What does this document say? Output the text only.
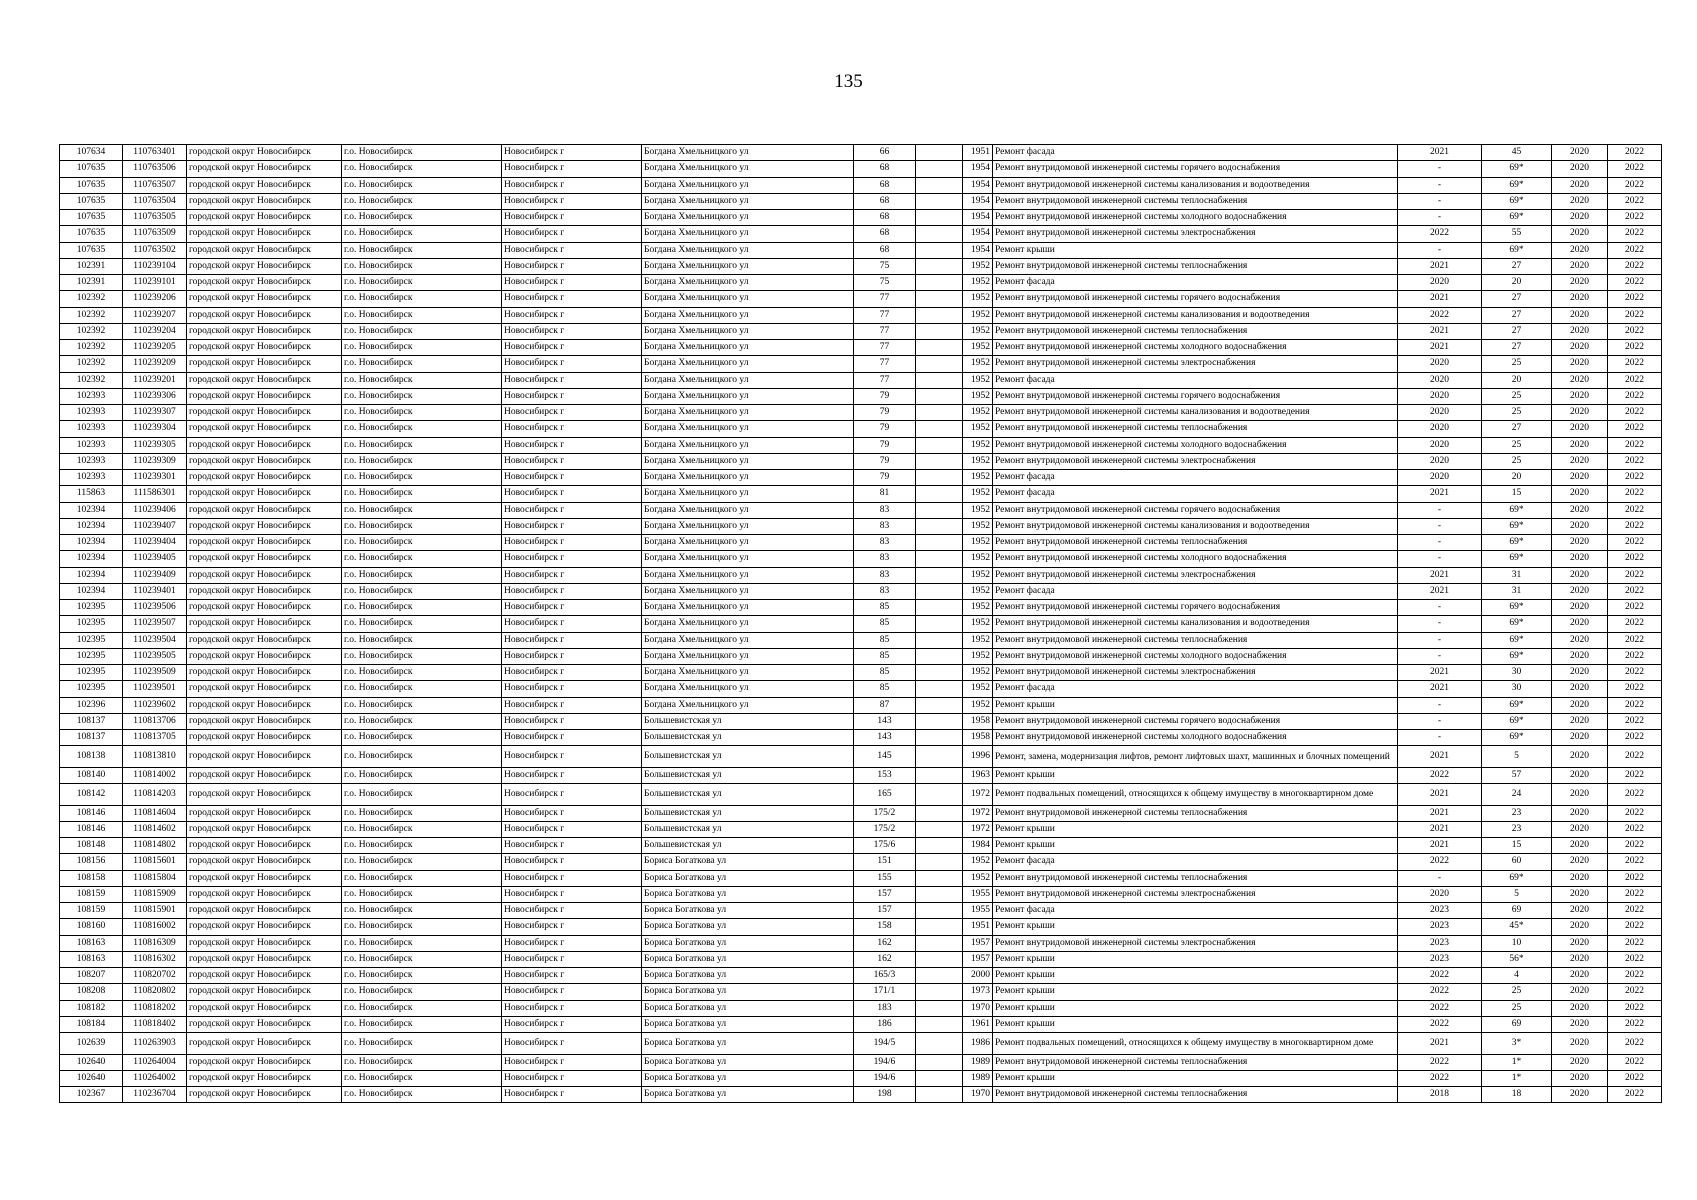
135
107634	110763401	городской округ Новосибирск	г.о. Новосибирск	Новосибирск г	Богдана Хмельницкого ул	66		1951	Ремонт фасада	2021	45	2020	2022
107635	110763506	городской округ Новосибирск	г.о. Новосибирск	Новосибирск г	Богдана Хмельницкого ул	68		1954	Ремонт внутридомовой инженерной системы горячего водоснабжения	-	69*	2020	2022
107635	110763507	городской округ Новосибирск	г.о. Новосибирск	Новосибирск г	Богдана Хмельницкого ул	68		1954	Ремонт внутридомовой инженерной системы канализования и водоотведения	-	69*	2020	2022
107635	110763504	городской округ Новосибирск	г.о. Новосибирск	Новосибирск г	Богдана Хмельницкого ул	68		1954	Ремонт внутридомовой инженерной системы теплоснабжения	-	69*	2020	2022
107635	110763505	городской округ Новосибирск	г.о. Новосибирск	Новосибирск г	Богдана Хмельницкого ул	68		1954	Ремонт внутридомовой инженерной системы холодного водоснабжения	-	69*	2020	2022
107635	110763509	городской округ Новосибирск	г.о. Новосибирск	Новосибирск г	Богдана Хмельницкого ул	68		1954	Ремонт внутридомовой инженерной системы электроснабжения	2022	55	2020	2022
107635	110763502	городской округ Новосибирск	г.о. Новосибирск	Новосибирск г	Богдана Хмельницкого ул	68		1954	Ремонт крыши	-	69*	2020	2022
102391	110239104	городской округ Новосибирск	г.о. Новосибирск	Новосибирск г	Богдана Хмельницкого ул	75		1952	Ремонт внутридомовой инженерной системы теплоснабжения	2021	27	2020	2022
102391	110239101	городской округ Новосибирск	г.о. Новосибирск	Новосибирск г	Богдана Хмельницкого ул	75		1952	Ремонт фасада	2020	20	2020	2022
102392	110239206	городской округ Новосибирск	г.о. Новосибирск	Новосибирск г	Богдана Хмельницкого ул	77		1952	Ремонт внутридомовой инженерной системы горячего водоснабжения	2021	27	2020	2022
102392	110239207	городской округ Новосибирск	г.о. Новосибирск	Новосибирск г	Богдана Хмельницкого ул	77		1952	Ремонт внутридомовой инженерной системы канализования и водоотведения	2022	27	2020	2022
102392	110239204	городской округ Новосибирск	г.о. Новосибирск	Новосибирск г	Богдана Хмельницкого ул	77		1952	Ремонт внутридомовой инженерной системы теплоснабжения	2021	27	2020	2022
102392	110239205	городской округ Новосибирск	г.о. Новосибирск	Новосибирск г	Богдана Хмельницкого ул	77		1952	Ремонт внутридомовой инженерной системы холодного водоснабжения	2021	27	2020	2022
102392	110239209	городской округ Новосибирск	г.о. Новосибирск	Новосибирск г	Богдана Хмельницкого ул	77		1952	Ремонт внутридомовой инженерной системы электроснабжения	2020	25	2020	2022
102392	110239201	городской округ Новосибирск	г.о. Новосибирск	Новосибирск г	Богдана Хмельницкого ул	77		1952	Ремонт фасада	2020	20	2020	2022
102393	110239306	городской округ Новосибирск	г.о. Новосибирск	Новосибирск г	Богдана Хмельницкого ул	79		1952	Ремонт внутридомовой инженерной системы горячего водоснабжения	2020	25	2020	2022
102393	110239307	городской округ Новосибирск	г.о. Новосибирск	Новосибирск г	Богдана Хмельницкого ул	79		1952	Ремонт внутридомовой инженерной системы канализования и водоотведения	2020	25	2020	2022
102393	110239304	городской округ Новосибирск	г.о. Новосибирск	Новосибирск г	Богдана Хмельницкого ул	79		1952	Ремонт внутридомовой инженерной системы теплоснабжения	2020	27	2020	2022
102393	110239305	городской округ Новосибирск	г.о. Новосибирск	Новосибирск г	Богдана Хмельницкого ул	79		1952	Ремонт внутридомовой инженерной системы холодного водоснабжения	2020	25	2020	2022
102393	110239309	городской округ Новосибирск	г.о. Новосибирск	Новосибирск г	Богдана Хмельницкого ул	79		1952	Ремонт внутридомовой инженерной системы электроснабжения	2020	25	2020	2022
102393	110239301	городской округ Новосибирск	г.о. Новосибирск	Новосибирск г	Богдана Хмельницкого ул	79		1952	Ремонт фасада	2020	20	2020	2022
115863	111586301	городской округ Новосибирск	г.о. Новосибирск	Новосибирск г	Богдана Хмельницкого ул	81		1952	Ремонт фасада	2021	15	2020	2022
102394	110239406	городской округ Новосибирск	г.о. Новосибирск	Новосибирск г	Богдана Хмельницкого ул	83		1952	Ремонт внутридомовой инженерной системы горячего водоснабжения	-	69*	2020	2022
102394	110239407	городской округ Новосибирск	г.о. Новосибирск	Новосибирск г	Богдана Хмельницкого ул	83		1952	Ремонт внутридомовой инженерной системы канализования и водоотведения	-	69*	2020	2022
102394	110239404	городской округ Новосибирск	г.о. Новосибирск	Новосибирск г	Богдана Хмельницкого ул	83		1952	Ремонт внутридомовой инженерной системы теплоснабжения	-	69*	2020	2022
102394	110239405	городской округ Новосибирск	г.о. Новосибирск	Новосибирск г	Богдана Хмельницкого ул	83		1952	Ремонт внутридомовой инженерной системы холодного водоснабжения	-	69*	2020	2022
102394	110239409	городской округ Новосибирск	г.о. Новосибирск	Новосибирск г	Богдана Хмельницкого ул	83		1952	Ремонт внутридомовой инженерной системы электроснабжения	2021	31	2020	2022
102394	110239401	городской округ Новосибирск	г.о. Новосибирск	Новосибирск г	Богдана Хмельницкого ул	83		1952	Ремонт фасада	2021	31	2020	2022
102395	110239506	городской округ Новосибирск	г.о. Новосибирск	Новосибирск г	Богдана Хмельницкого ул	85		1952	Ремонт внутридомовой инженерной системы горячего водоснабжения	-	69*	2020	2022
102395	110239507	городской округ Новосибирск	г.о. Новосибирск	Новосибирск г	Богдана Хмельницкого ул	85		1952	Ремонт внутридомовой инженерной системы канализования и водоотведения	-	69*	2020	2022
102395	110239504	городской округ Новосибирск	г.о. Новосибирск	Новосибирск г	Богдана Хмельницкого ул	85		1952	Ремонт внутридомовой инженерной системы теплоснабжения	-	69*	2020	2022
102395	110239505	городской округ Новосибирск	г.о. Новосибирск	Новосибирск г	Богдана Хмельницкого ул	85		1952	Ремонт внутридомовой инженерной системы холодного водоснабжения	-	69*	2020	2022
102395	110239509	городской округ Новосибирск	г.о. Новосибирск	Новосибирск г	Богдана Хмельницкого ул	85		1952	Ремонт внутридомовой инженерной системы электроснабжения	2021	30	2020	2022
102395	110239501	городской округ Новосибирск	г.о. Новосибирск	Новосибирск г	Богдана Хмельницкого ул	85		1952	Ремонт фасада	2021	30	2020	2022
102396	110239602	городской округ Новосибирск	г.о. Новосибирск	Новосибирск г	Богдана Хмельницкого ул	87		1952	Ремонт крыши	-	69*	2020	2022
108137	110813706	городской округ Новосибирск	г.о. Новосибирск	Новосибирск г	Большевистская ул	143		1958	Ремонт внутридомовой инженерной системы горячего водоснабжения	-	69*	2020	2022
108137	110813705	городской округ Новосибирск	г.о. Новосибирск	Новосибирск г	Большевистская ул	143		1958	Ремонт внутридомовой инженерной системы холодного водоснабжения	-	69*	2020	2022
108138	110813810	городской округ Новосибирск	г.о. Новосибирск	Новосибирск г	Большевистская ул	145		1996	Ремонт, замена, модернизация лифтов, ремонт лифтовых шахт, машинных и блочных помещений	2021	5	2020	2022
108140	110814002	городской округ Новосибирск	г.о. Новосибирск	Новосибирск г	Большевистская ул	153		1963	Ремонт крыши	2022	57	2020	2022
108142	110814203	городской округ Новосибирск	г.о. Новосибирск	Новосибирск г	Большевистская ул	165		1972	Ремонт подвальных помещений, относящихся к общему имуществу в многоквартирном доме	2021	24	2020	2022
108146	110814604	городской округ Новосибирск	г.о. Новосибирск	Новосибирск г	Большевистская ул	175/2		1972	Ремонт внутридомовой инженерной системы теплоснабжения	2021	23	2020	2022
108146	110814602	городской округ Новосибирск	г.о. Новосибирск	Новосибирск г	Большевистская ул	175/2		1972	Ремонт крыши	2021	23	2020	2022
108148	110814802	городской округ Новосибирск	г.о. Новосибирск	Новосибирск г	Большевистская ул	175/6		1984	Ремонт крыши	2021	15	2020	2022
108156	110815601	городской округ Новосибирск	г.о. Новосибирск	Новосибирск г	Бориса Богаткова ул	151		1952	Ремонт фасада	2022	60	2020	2022
108158	110815804	городской округ Новосибирск	г.о. Новосибирск	Новосибирск г	Бориса Богаткова ул	155		1952	Ремонт внутридомовой инженерной системы теплоснабжения	-	69*	2020	2022
108159	110815909	городской округ Новосибирск	г.о. Новосибирск	Новосибирск г	Бориса Богаткова ул	157		1955	Ремонт внутридомовой инженерной системы электроснабжения	2020	5	2020	2022
108159	110815901	городской округ Новосибирск	г.о. Новосибирск	Новосибирск г	Бориса Богаткова ул	157		1955	Ремонт фасада	2023	69	2020	2022
108160	110816002	городской округ Новосибирск	г.о. Новосибирск	Новосибирск г	Бориса Богаткова ул	158		1951	Ремонт крыши	2023	45*	2020	2022
108163	110816309	городской округ Новосибирск	г.о. Новосибирск	Новосибирск г	Бориса Богаткова ул	162		1957	Ремонт внутридомовой инженерной системы электроснабжения	2023	10	2020	2022
108163	110816302	городской округ Новосибирск	г.о. Новосибирск	Новосибирск г	Бориса Богаткова ул	162		1957	Ремонт крыши	2023	56*	2020	2022
108207	110820702	городской округ Новосибирск	г.о. Новосибирск	Новосибирск г	Бориса Богаткова ул	165/3		2000	Ремонт крыши	2022	4	2020	2022
108208	110820802	городской округ Новосибирск	г.о. Новосибирск	Новосибирск г	Бориса Богаткова ул	171/1		1973	Ремонт крыши	2022	25	2020	2022
108182	110818202	городской округ Новосибирск	г.о. Новосибирск	Новосибирск г	Бориса Богаткова ул	183		1970	Ремонт крыши	2022	25	2020	2022
108184	110818402	городской округ Новосибирск	г.о. Новосибирск	Новосибирск г	Бориса Богаткова ул	186		1961	Ремонт крыши	2022	69	2020	2022
102639	110263903	городской округ Новосибирск	г.о. Новосибирск	Новосибирск г	Бориса Богаткова ул	194/5		1986	Ремонт подвальных помещений, относящихся к общему имуществу в многоквартирном доме	2021	3*	2020	2022
102640	110264004	городской округ Новосибирск	г.о. Новосибирск	Новосибирск г	Бориса Богаткова ул	194/6		1989	Ремонт внутридомовой инженерной системы теплоснабжения	2022	1*	2020	2022
102640	110264002	городской округ Новосибирск	г.о. Новосибирск	Новосибирск г	Бориса Богаткова ул	194/6		1989	Ремонт крыши	2022	1*	2020	2022
102367	110236704	городской округ Новосибирск	г.о. Новосибирск	Новосибирск г	Бориса Богаткова ул	198		1970	Ремонт внутридомовой инженерной системы теплоснабжения	2018	18	2020	2022
